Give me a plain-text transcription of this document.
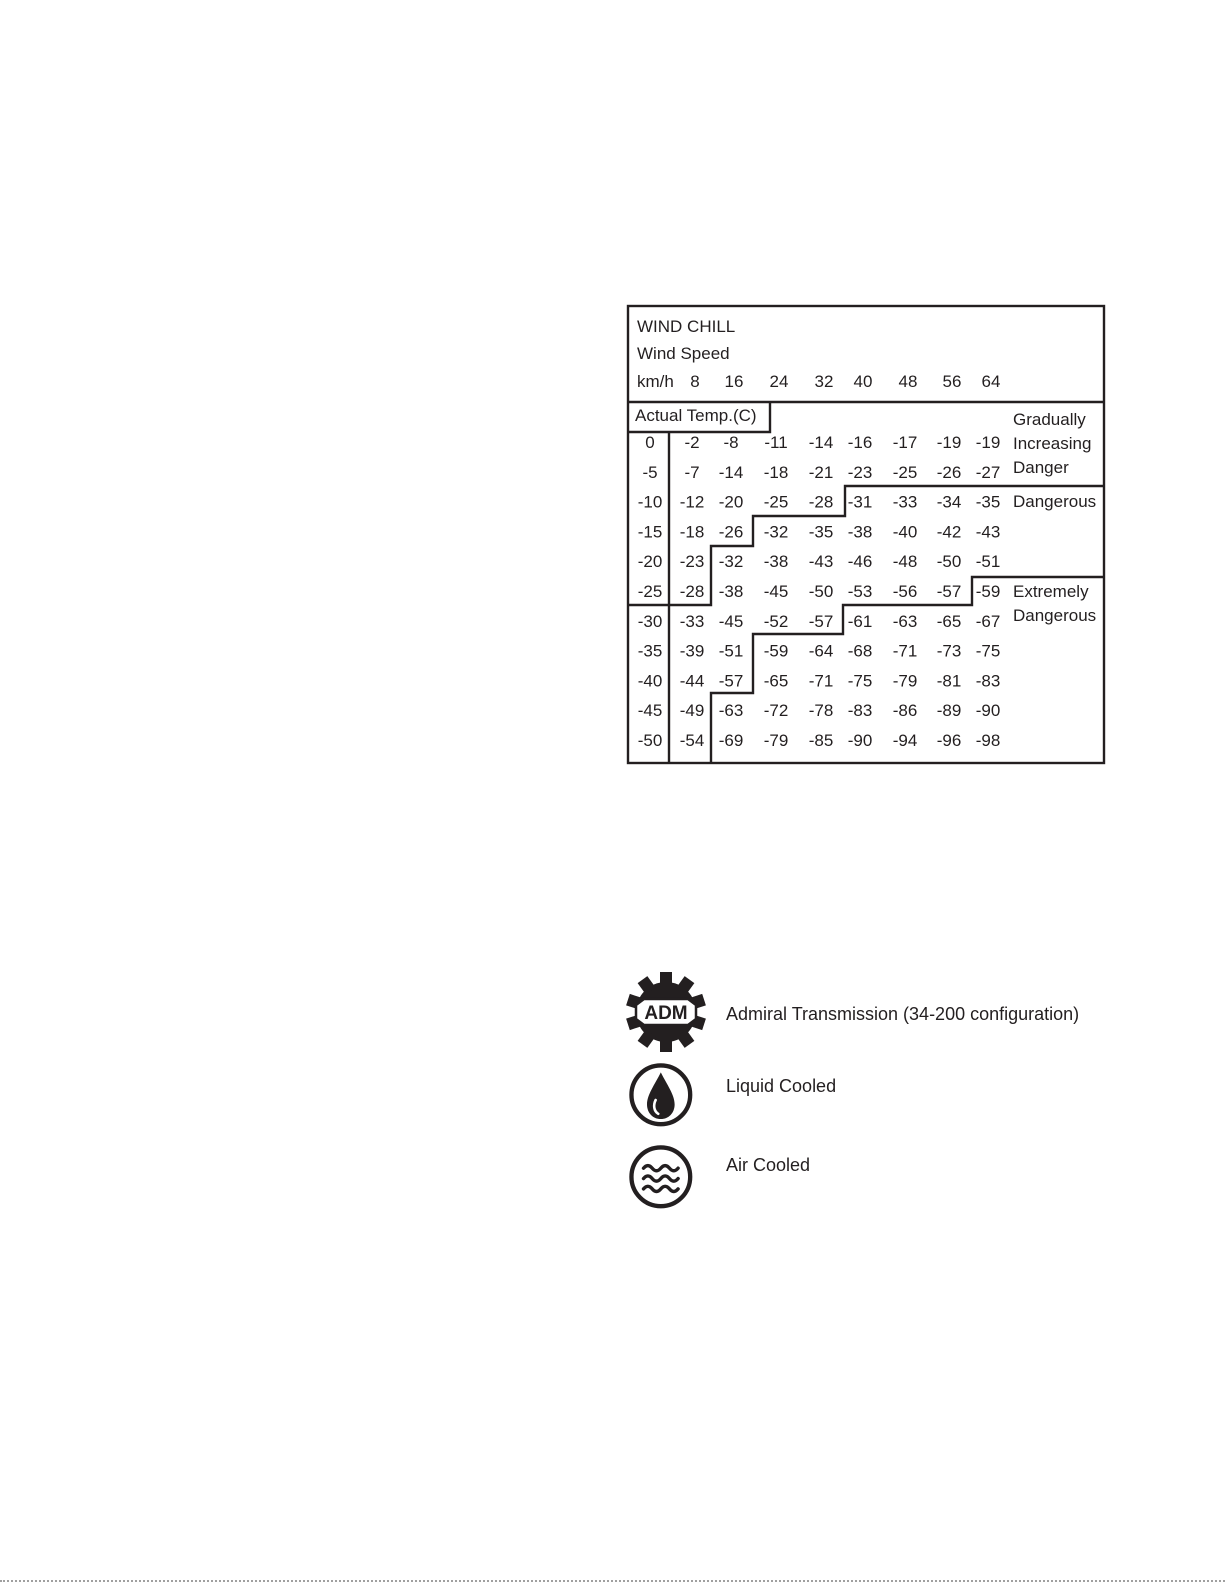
WIND CHILL
Wind Speed
km/h 8 16 24 32 40 48 56 64
Actual Temp.(C)
0 -2 -8 -11 -14 -16 -17 -19 -19
-5 -7 -14 -18 -21 -23 -25 -26 -27
-10 -12 -20 -25 -28 -31 -33 -34 -35
-15 -18 -26 -32 -35 -38 -40 -42 -43
-20 -23 -32 -38 -43 -46 -48 -50 -51
-25 -28 -38 -45 -50 -53 -56 -57 -59
-30 -33 -45 -52 -57 -61 -63 -65 -67
-35 -39 -51 -59 -64 -68 -71 -73 -75
-40 -44 -57 -65 -71 -75 -79 -81 -83
-45 -49 -63 -72 -78 -83 -86 -89 -90
-50 -54 -69 -79 -85 -90 -94 -96 -98
Gradually
Increasing
Danger
Dangerous
Extremely
Dangerous
ADM Admiral Transmission (34-200 configuration)
Liquid Cooled
Air Cooled
